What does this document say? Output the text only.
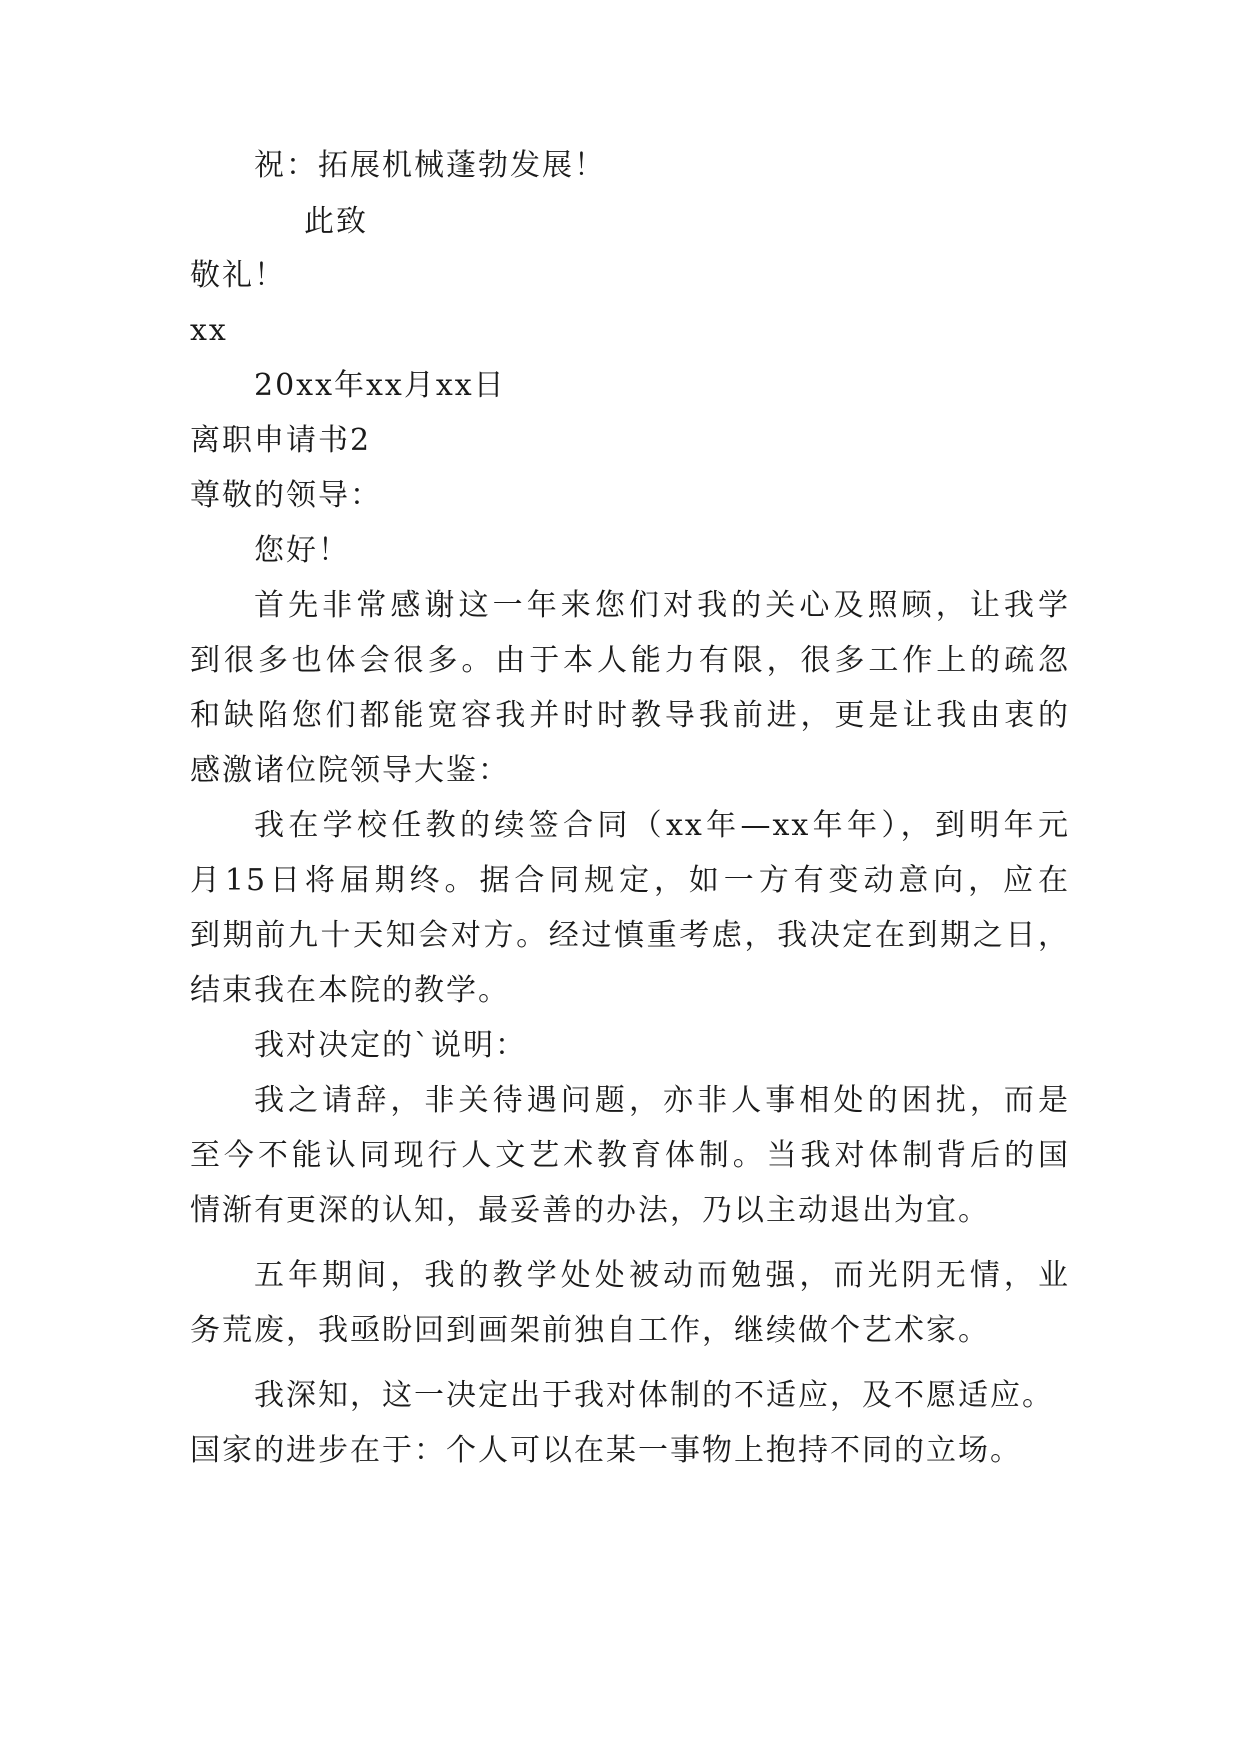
祝：拓展机械蓬勃发展！
此致
敬礼！
xx
20xx年xx月xx日
离职申请书2
尊敬的领导：
您好！
首先非常感谢这一年来您们对我的关心及照顾，让我学
到很多也体会很多。由于本人能力有限，很多工作上的疏忽
和缺陷您们都能宽容我并时时教导我前进，更是让我由衷的
感激诸位院领导大鉴：
我在学校任教的续签合同（xx年—xx年年），到明年元
月15日将届期终。据合同规定，如一方有变动意向，应在
到期前九十天知会对方。经过慎重考虑，我决定在到期之日，
结束我在本院的教学。
我对决定的`说明：
我之请辞，非关待遇问题，亦非人事相处的困扰，而是
至今不能认同现行人文艺术教育体制。当我对体制背后的国
情渐有更深的认知，最妥善的办法，乃以主动退出为宜。
五年期间，我的教学处处被动而勉强，而光阴无情，业
务荒废，我亟盼回到画架前独自工作，继续做个艺术家。
我深知，这一决定出于我对体制的不适应，及不愿适应。
国家的进步在于：个人可以在某一事物上抱持不同的立场。
